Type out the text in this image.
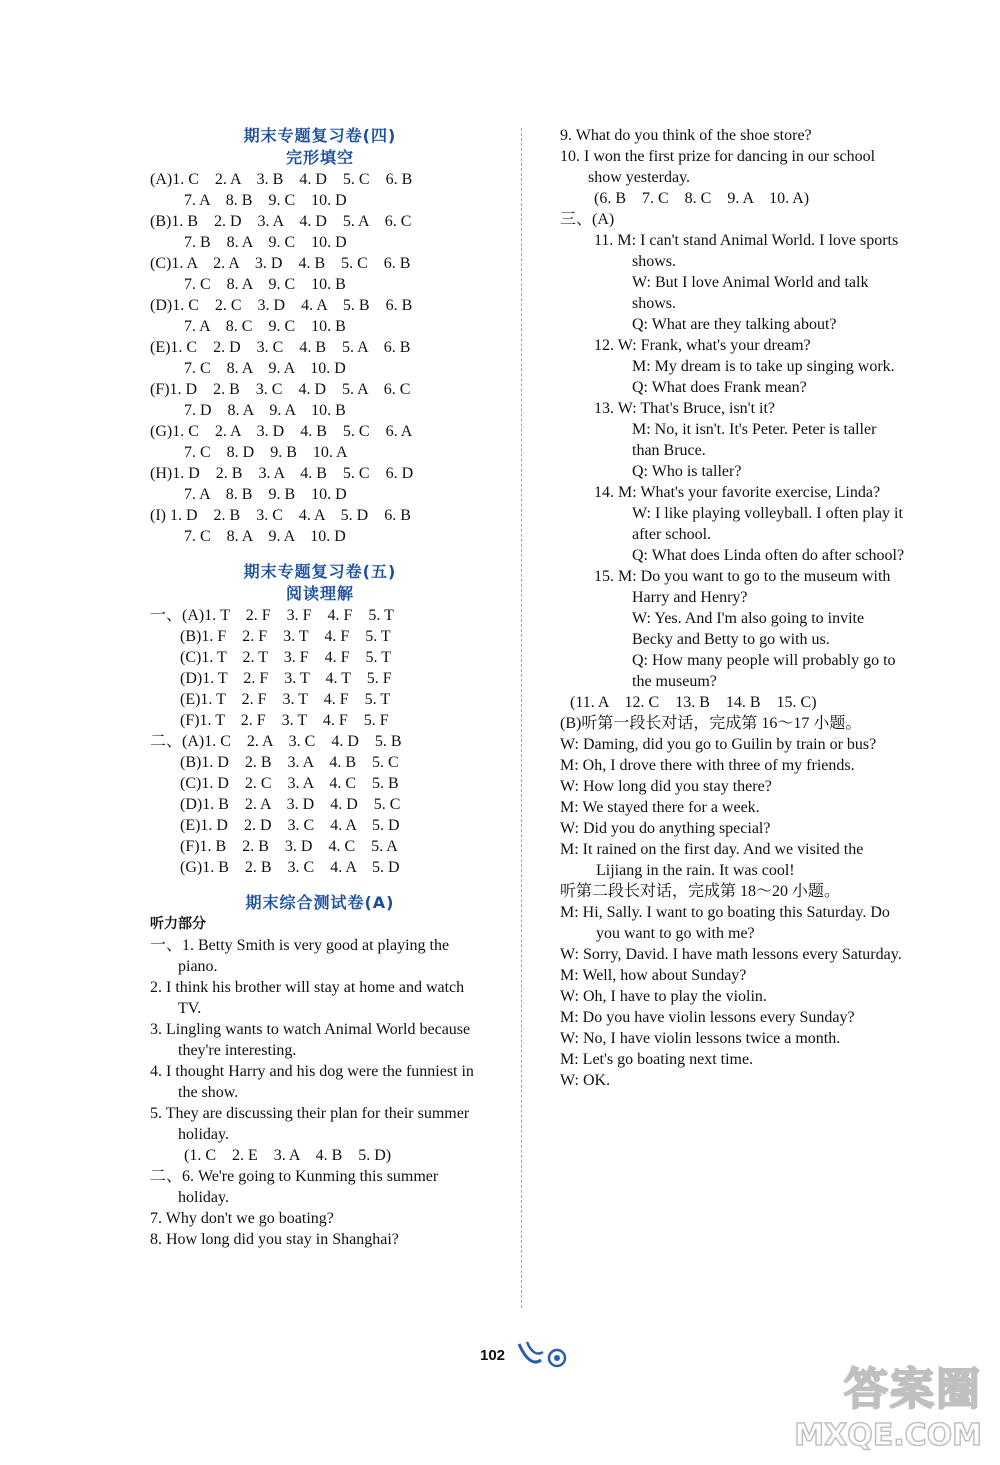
期末专题复习卷(四)
完形填空
(A)1. C    2. A    3. B    4. D    5. C    6. B
7. A    8. B    9. C    10. D
(B)1. B    2. D    3. A    4. D    5. A    6. C
7. B    8. A    9. C    10. D
(C)1. A    2. A    3. D    4. B    5. C    6. B
7. C    8. A    9. C    10. B
(D)1. C    2. C    3. D    4. A    5. B    6. B
7. A    8. C    9. C    10. B
(E)1. C    2. D    3. C    4. B    5. A    6. B
7. C    8. A    9. A    10. D
(F)1. D    2. B    3. C    4. D    5. A    6. C
7. D    8. A    9. A    10. B
(G)1. C    2. A    3. D    4. B    5. C    6. A
7. C    8. D    9. B    10. A
(H)1. D    2. B    3. A    4. B    5. C    6. D
7. A    8. B    9. B    10. D
(I) 1. D    2. B    3. C    4. A    5. D    6. B
7. C    8. A    9. A    10. D
期末专题复习卷(五)
阅读理解
一、(A)1. T    2. F    3. F    4. F    5. T
(B)1. F    2. F    3. T    4. F    5. T
(C)1. T    2. T    3. F    4. F    5. T
(D)1. T    2. F    3. T    4. T    5. F
(E)1. T    2. F    3. T    4. F    5. T
(F)1. T    2. F    3. T    4. F    5. F
二、(A)1. C    2. A    3. C    4. D    5. B
(B)1. D    2. B    3. A    4. B    5. C
(C)1. D    2. C    3. A    4. C    5. B
(D)1. B    2. A    3. D    4. D    5. C
(E)1. D    2. D    3. C    4. A    5. D
(F)1. B    2. B    3. D    4. C    5. A
(G)1. B    2. B    3. C    4. A    5. D
期末综合测试卷(A)
听力部分
一、1. Betty Smith is very good at playing the piano.
2. I think his brother will stay at home and watch TV.
3. Lingling wants to watch Animal World because they're interesting.
4. I thought Harry and his dog were the funniest in the show.
5. They are discussing their plan for their summer holiday.
(1. C    2. E    3. A    4. B    5. D)
二、6. We're going to Kunming this summer holiday.
7. Why don't we go boating?
8. How long did you stay in Shanghai?
9. What do you think of the shoe store?
10. I won the first prize for dancing in our school show yesterday.
(6. B    7. C    8. C    9. A    10. A)
三、(A)
11. M: I can't stand Animal World. I love sports shows.
W: But I love Animal World and talk shows.
Q: What are they talking about?
12. W: Frank, what's your dream?
M: My dream is to take up singing work.
Q: What does Frank mean?
13. W: That's Bruce, isn't it?
M: No, it isn't. It's Peter. Peter is taller than Bruce.
Q: Who is taller?
14. M: What's your favorite exercise, Linda?
W: I like playing volleyball. I often play it after school.
Q: What does Linda often do after school?
15. M: Do you want to go to the museum with Harry and Henry?
W: Yes. And I'm also going to invite Becky and Betty to go with us.
Q: How many people will probably go to the museum?
(11. A    12. C    13. B    14. B    15. C)
(B)听第一段长对话，完成第 16～17 小题。
W: Daming, did you go to Guilin by train or bus?
M: Oh, I drove there with three of my friends.
W: How long did you stay there?
M: We stayed there for a week.
W: Did you do anything special?
M: It rained on the first day. And we visited the Lijiang in the rain. It was cool!
听第二段长对话，完成第 18～20 小题。
M: Hi, Sally. I want to go boating this Saturday. Do you want to go with me?
W: Sorry, David. I have math lessons every Saturday.
M: Well, how about Sunday?
W: Oh, I have to play the violin.
M: Do you have violin lessons every Sunday?
W: No, I have violin lessons twice a month.
M: Let's go boating next time.
W: OK.
102
答案圈
MXQE.COM
